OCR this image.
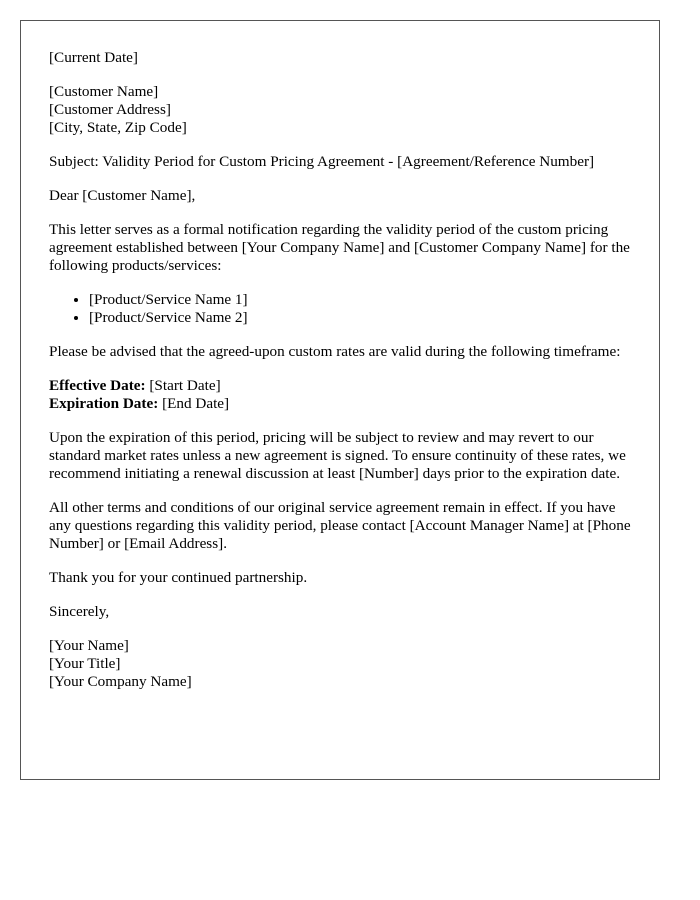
[Current Date]

[Customer Name]
[Customer Address]
[City, State, Zip Code]

Subject: Validity Period for Custom Pricing Agreement - [Agreement/Reference Number]

Dear [Customer Name],

This letter serves as a formal notification regarding the validity period of the custom pricing agreement established between [Your Company Name] and [Customer Company Name] for the following products/services:

• [Product/Service Name 1]
• [Product/Service Name 2]

Please be advised that the agreed-upon custom rates are valid during the following timeframe:

Effective Date: [Start Date]
Expiration Date: [End Date]

Upon the expiration of this period, pricing will be subject to review and may revert to our standard market rates unless a new agreement is signed. To ensure continuity of these rates, we recommend initiating a renewal discussion at least [Number] days prior to the expiration date.

All other terms and conditions of our original service agreement remain in effect. If you have any questions regarding this validity period, please contact [Account Manager Name] at [Phone Number] or [Email Address].

Thank you for your continued partnership.

Sincerely,

[Your Name]
[Your Title]
[Your Company Name]
